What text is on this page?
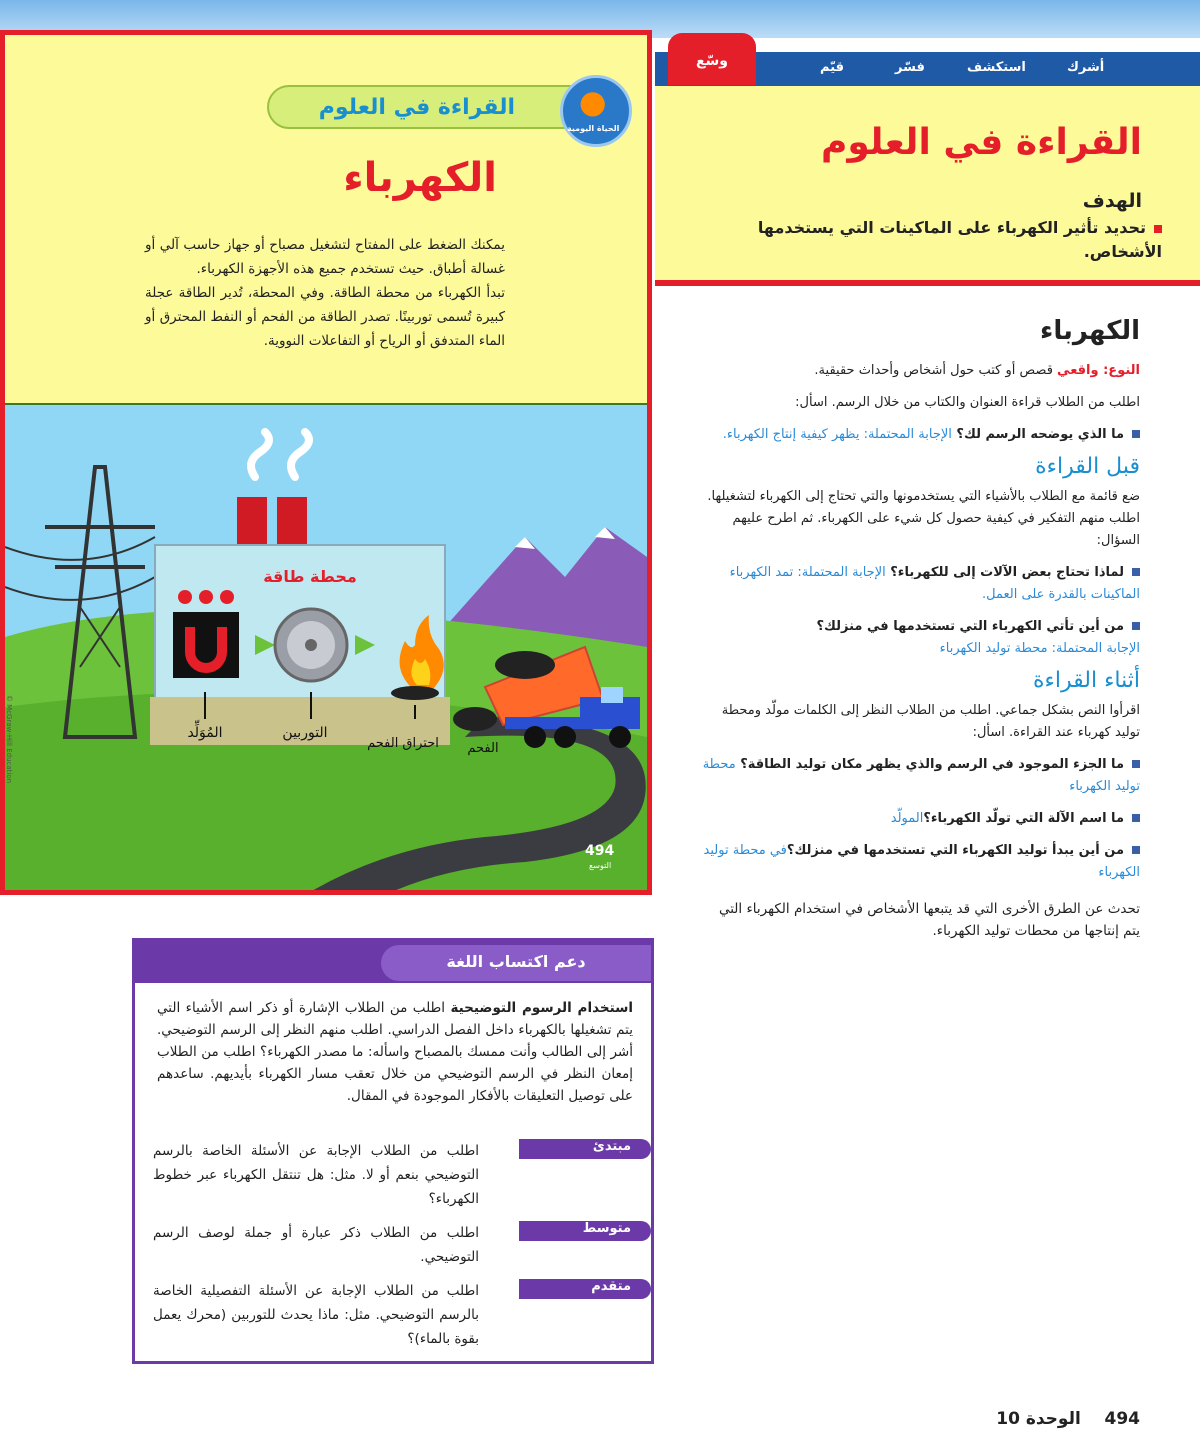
أشرك
استكشف
فسّر
قيّم
وسّع
القراءة في العلوم
الهدف
تحديد تأثير الكهرباء على الماكينات التي يستخدمها الأشخاص.
الكهرباء
النوع: واقعي قصص أو كتب حول أشخاص وأحداث حقيقية.
اطلب من الطلاب قراءة العنوان والكتاب من خلال الرسم. اسأل:
ما الذي يوضحه الرسم لك؟ الإجابة المحتملة: يظهر كيفية إنتاج الكهرباء.
قبل القراءة
ضع قائمة مع الطلاب بالأشياء التي يستخدمونها والتي تحتاج إلى الكهرباء لتشغيلها. اطلب منهم التفكير في كيفية حصول كل شيء على الكهرباء. ثم اطرح عليهم السؤال:
لماذا تحتاج بعض الآلات إلى للكهرباء؟ الإجابة المحتملة: تمد الكهرباء الماكينات بالقدرة على العمل.
من أين تأتي الكهرباء التي تستخدمها في منزلك؟
الإجابة المحتملة: محطة توليد الكهرباء
أثناء القراءة
اقرأوا النص بشكل جماعي. اطلب من الطلاب النظر إلى الكلمات مولّد ومحطة توليد كهرباء عند القراءة. اسأل:
ما الجزء الموجود في الرسم والذي يظهر مكان توليد الطاقة؟ محطة توليد الكهرباء
ما اسم الآلة التي تولّد الكهرباء؟المولّد
من أين يبدأ توليد الكهرباء التي تستخدمها في منزلك؟في محطة توليد الكهرباء
تحدث عن الطرق الأخرى التي قد يتبعها الأشخاص في استخدام الكهرباء التي يتم إنتاجها من محطات توليد الكهرباء.
القراءة في العلوم
الحياة اليومية
الكهرباء

يمكنك الضغط على المفتاح لتشغيل مصباح أو جهاز حاسب آلي أو غسالة أطباق. حيث تستخدم جميع هذه الأجهزة الكهرباء.

تبدأ الكهرباء من محطة الطاقة. وفي المحطة، تُدير الطاقة عجلة كبيرة تُسمى توربينًا. تصدر الطاقة من الفحم أو النفط المحترق أو الماء المتدفق أو الرياح أو التفاعلات النووية.

محطة طاقة
المُوَلِّد	التوربين
احتراق الفحم الفحم
494
التوسع
© McGraw-Hill Education
دعم اكتساب اللغة
استخدام الرسوم التوضيحية اطلب من الطلاب الإشارة أو ذكر اسم الأشياء التي يتم تشغيلها بالكهرباء داخل الفصل الدراسي. اطلب منهم النظر إلى الرسم التوضيحي. أشر إلى الطالب وأنت ممسك بالمصباح واسأله: ما مصدر الكهرباء؟ اطلب من الطلاب إمعان النظر في الرسم التوضيحي من خلال تعقب مسار الكهرباء بأيديهم. ساعدهم على توصيل التعليقات بالأفكار الموجودة في المقال.
مبتدئ
اطلب من الطلاب الإجابة عن الأسئلة الخاصة بالرسم التوضيحي بنعم أو لا. مثل: هل تنتقل الكهرباء عبر خطوط الكهرباء؟
متوسط
اطلب من الطلاب ذكر عبارة أو جملة لوصف الرسم التوضيحي.
متقدم
اطلب من الطلاب الإجابة عن الأسئلة التفصيلية الخاصة بالرسم التوضيحي. مثل: ماذا يحدث للتوربين (محرك يعمل بقوة بالماء)؟
494    الوحدة 10
